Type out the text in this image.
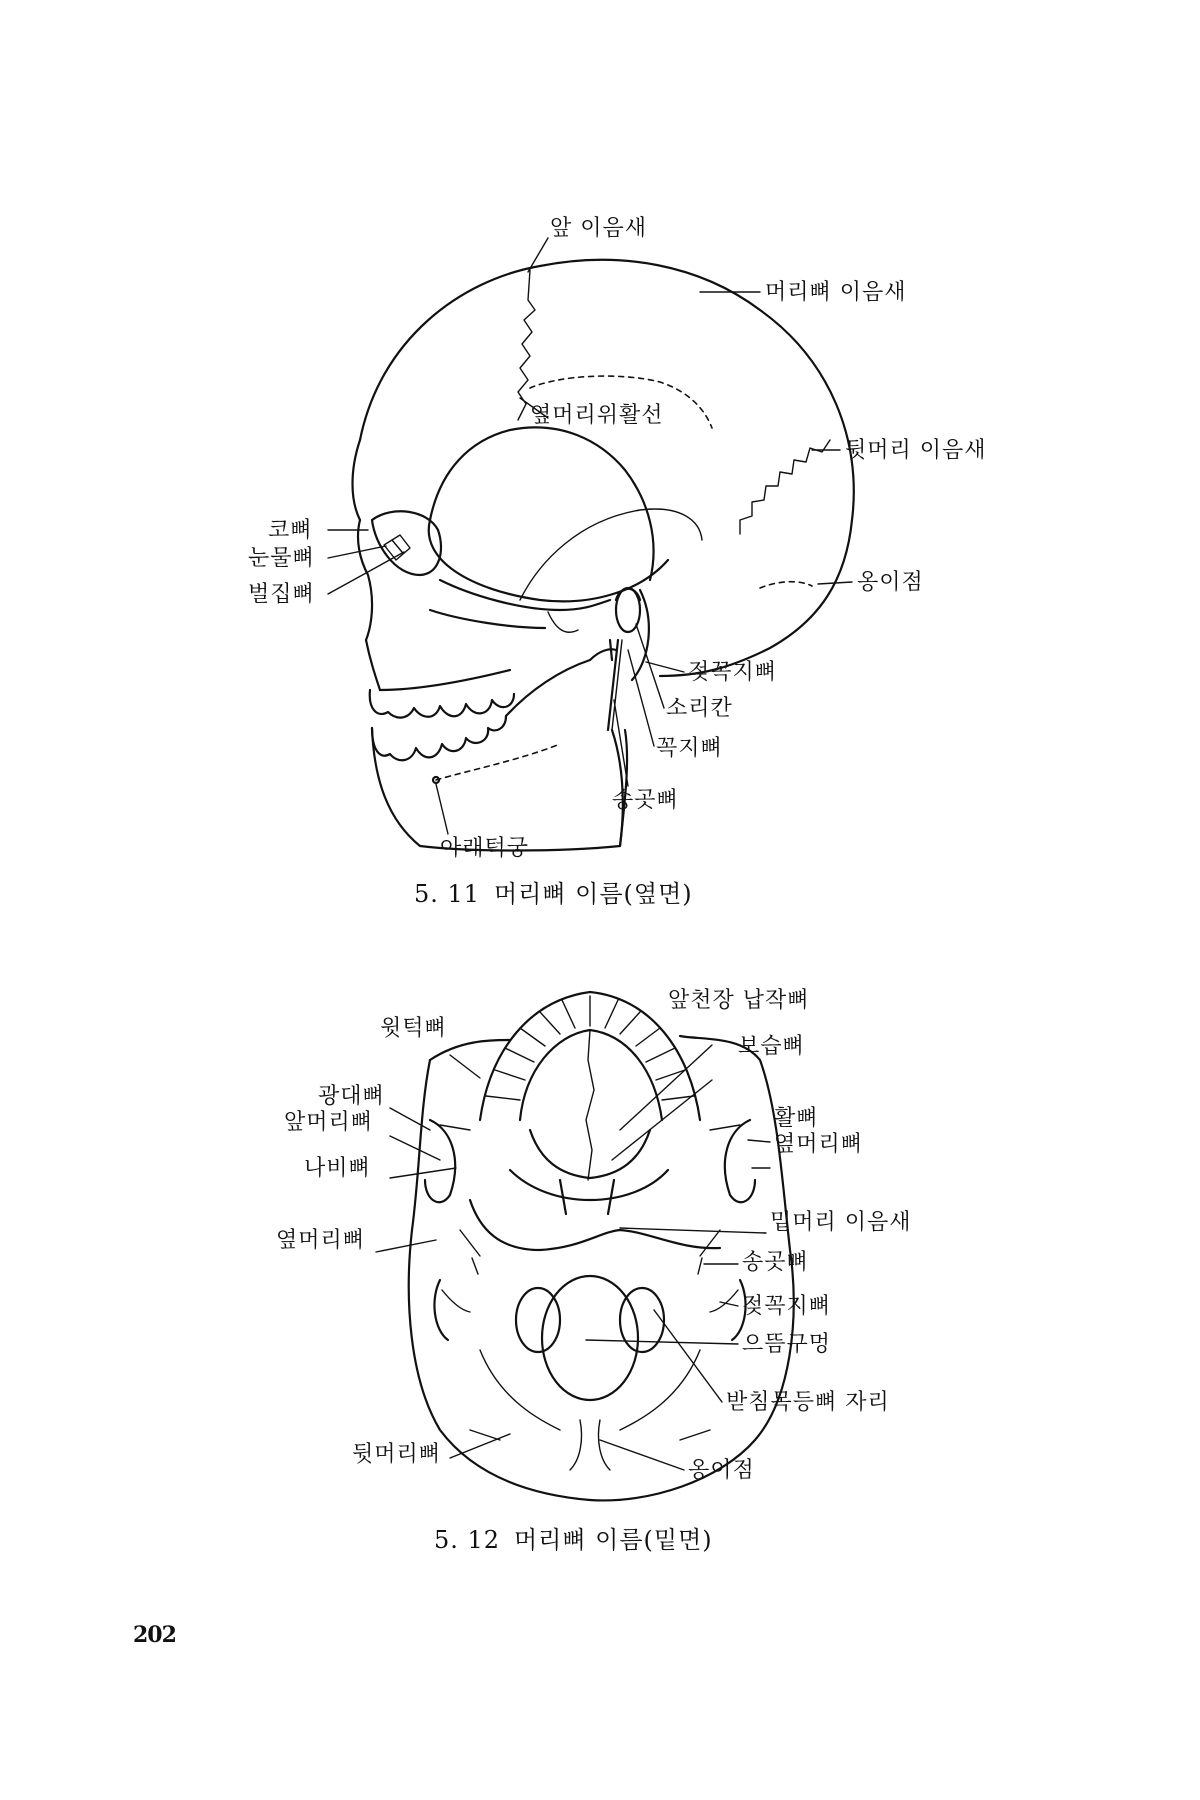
앞 이음새
머리뼈 이음새
옆머리위활선
뒷머리 이음새
코뼈
눈물뼈
벌집뼈	옹이점
젖꼭지뼈
소리칸
꼭지뼈
송곳뼈
아래턱궁
5. 11 머리뼈 이름(옆면)
윗턱뼈
앞천장 납작뼈
보습뼈
광대뼈
앞머리뼈	활뼈
옆머리뼈
나비뼈
밑머리 이음새
옆머리뼈
송곳뼈
젖꼭지뼈
으뜸구멍
받침목등뼈 자리
뒷머리뼈
옹이점
5. 12 머리뼈 이름(밑면)
202
